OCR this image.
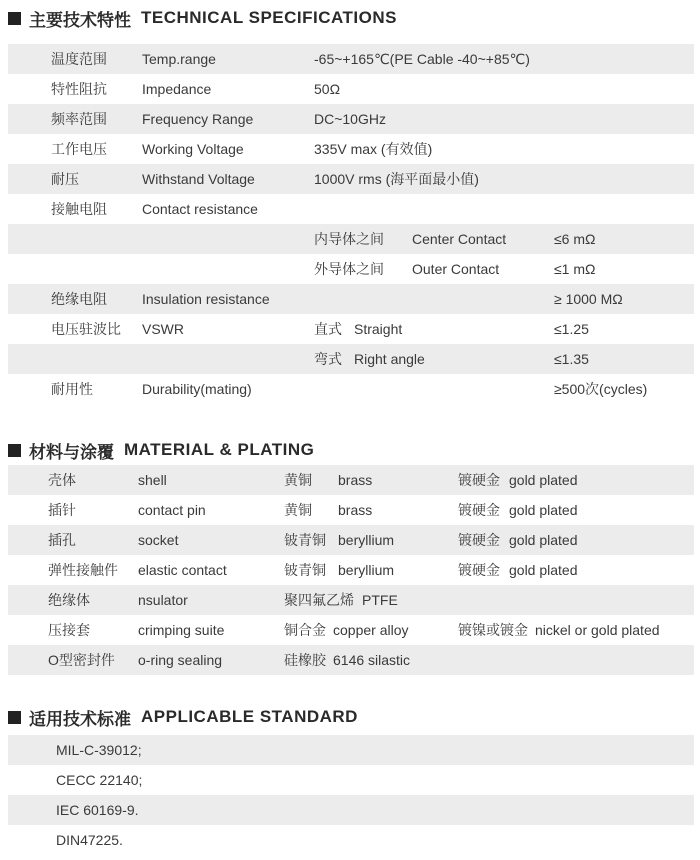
主要技术特性 TECHNICAL SPECIFICATIONS
温度范围	Temp.range	-65~+165℃(PE Cable -40~+85℃)
特性阻抗	Impedance	50Ω
频率范围	Frequency Range	DC~10GHz
工作电压	Working Voltage	335V max (有效值)
耐压	Withstand Voltage	1000V rms (海平面最小值)
接触电阻	Contact resistance
内导体之间 Center Contact	≤6 mΩ
外导体之间 Outer Contact	≤1 mΩ
绝缘电阻	Insulation resistance	≥ 1000 MΩ
电压驻波比 VSWR	直式 Straight	≤1.25
弯式 Right angle	≤1.35
耐用性	Durability(mating)	≥500次(cycles)
材料与涂覆 MATERIAL & PLATING
壳体	shell	黄铜 brass	镀硬金 gold plated
插针	contact pin	黄铜 brass	镀硬金 gold plated
插孔	socket	铍青铜 beryllium	镀硬金 gold plated
弹性接触件 elastic contact	铍青铜 beryllium	镀硬金 gold plated
绝缘体	nsulator	聚四氟乙烯 PTFE
压接套	crimping suite	铜合金 copper alloy	镀镍或镀金 nickel or gold plated
O型密封件 o-ring sealing	硅橡胶 6146 silastic
适用技术标准 APPLICABLE STANDARD
MIL-C-39012;
CECC 22140;
IEC 60169-9.
DIN47225.
